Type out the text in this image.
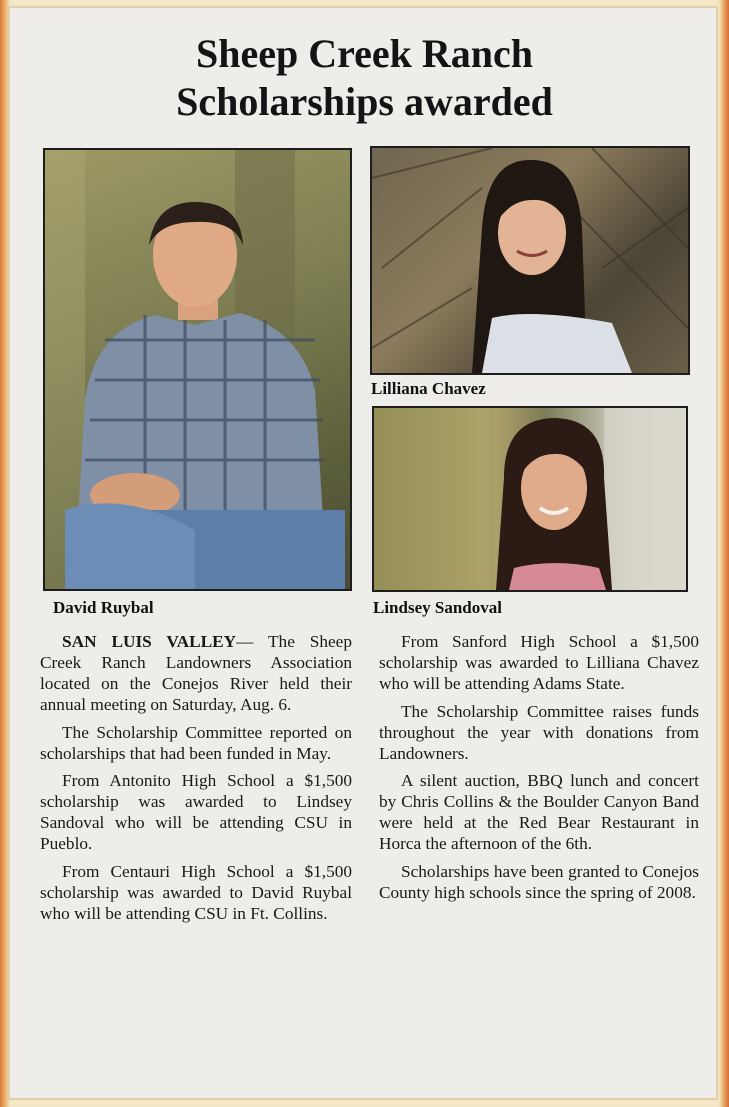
Sheep Creek Ranch
Scholarships awarded
David Ruybal
Lilliana Chavez
Lindsey Sandoval

SAN LUIS VALLEY— The Sheep Creek Ranch Landowners Association located on the Conejos River held their annual meeting on Saturday, Aug. 6.

The Scholarship Committee reported on scholarships that had been funded in May.

From Antonito High School a $1,500 scholarship was awarded to Lindsey Sandoval who will be attending CSU in Pueblo.

From Centauri High School a $1,500 scholarship was awarded to David Ruybal who will be attending CSU in Ft. Collins.

From Sanford High School a $1,500 scholarship was awarded to Lilliana Chavez who will be attending Adams State.

The Scholarship Committee raises funds throughout the year with donations from Landowners.

A silent auction, BBQ lunch and concert by Chris Collins & the Boulder Canyon Band were held at the Red Bear Restaurant in Horca the afternoon of the 6th.

Scholarships have been granted to Conejos County high schools since the spring of 2008.
